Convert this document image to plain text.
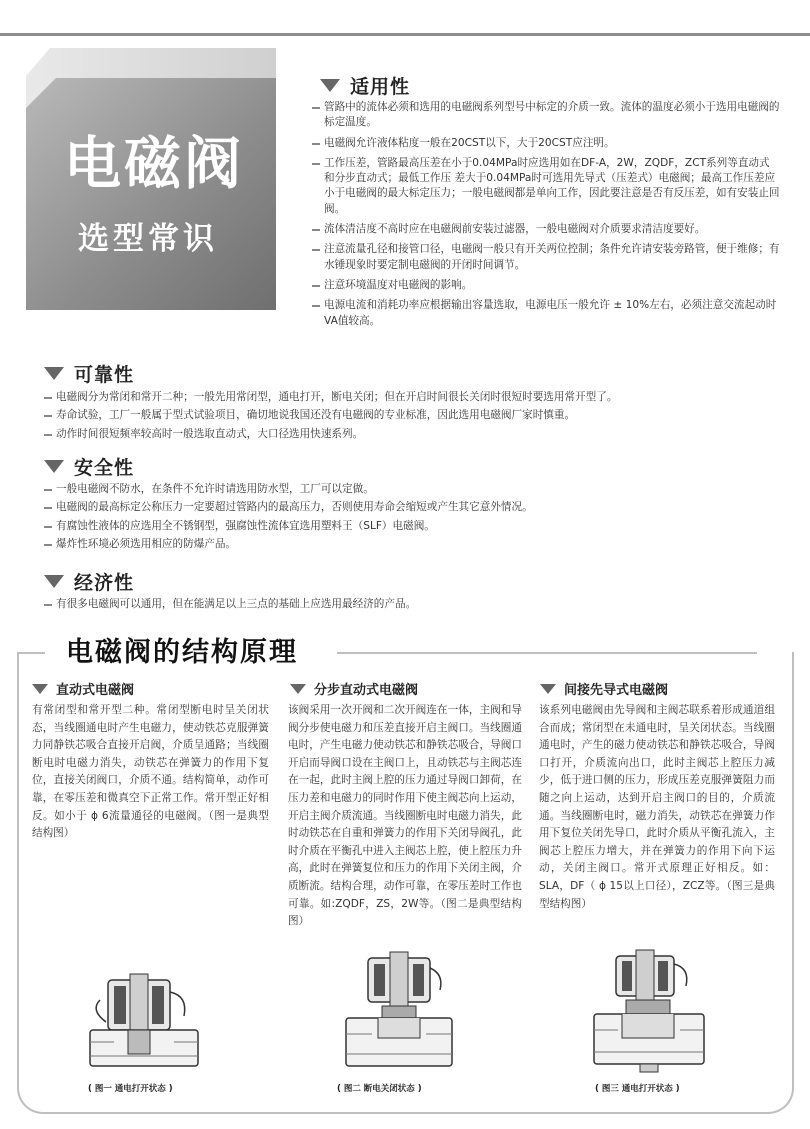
电磁阀
选型常识
适用性
管路中的流体必须和选用的电磁阀系列型号中标定的介质一致。流体的温度必须小于选用电磁阀的标定温度。
电磁阀允许液体粘度一般在20CST以下，大于20CST应注明。
工作压差，管路最高压差在小于0.04MPa时应选用如在DF-A，2W，ZQDF，ZCT系列等直动式和分步直动式；最低工作压 差大于0.04MPa时可选用先导式（压差式）电磁阀；最高工作压差应小于电磁阀的最大标定压力；一般电磁阀都是单向工作，因此要注意是否有反压差，如有安装止回阀。
流体清洁度不高时应在电磁阀前安装过滤器，一般电磁阀对介质要求清洁度要好。
注意流量孔径和接管口径，电磁阀一般只有开关两位控制；条件允许请安装旁路管，便于维修；有水锤现象时要定制电磁阀的开闭时间调节。
注意环境温度对电磁阀的影响。
电源电流和消耗功率应根据输出容量选取，电源电压一般允许 ± 10%左右，必须注意交流起动时VA值较高。
可靠性
电磁阀分为常闭和常开二种；一般先用常闭型，通电打开，断电关闭；但在开启时间很长关闭时很短时要选用常开型了。
寿命试验，工厂一般属于型式试验项目，确切地说我国还没有电磁阀的专业标准，因此选用电磁阀厂家时慎重。
动作时间很短频率较高时一般选取直动式，大口径选用快速系列。
安全性
一般电磁阀不防水，在条件不允许时请选用防水型，工厂可以定做。
电磁阀的最高标定公称压力一定要超过管路内的最高压力，否则使用寿命会缩短或产生其它意外情况。
有腐蚀性液体的应选用全不锈钢型，强腐蚀性流体宜选用塑料王（SLF）电磁阀。
爆炸性环境必须选用相应的防爆产品。
经济性
有很多电磁阀可以通用，但在能满足以上三点的基础上应选用最经济的产品。
电磁阀的结构原理
直动式电磁阀
有常闭型和常开型二种。常闭型断电时呈关闭状态，当线圈通电时产生电磁力，使动铁芯克服弹簧力同静铁芯吸合直接开启阀，介质呈通路；当线圈断电时电磁力消失，动铁芯在弹簧力的作用下复位，直接关闭阀口，介质不通。结构简单，动作可靠，在零压差和微真空下正常工作。常开型正好相反。如小于 ϕ 6流量通径的电磁阀。（图一是典型结构图）
分步直动式电磁阀
该阀采用一次开阀和二次开阀连在一体，主阀和导阀分步使电磁力和压差直接开启主阀口。当线圈通电时，产生电磁力使动铁芯和静铁芯吸合，导阀口开启而导阀口设在主阀口上，且动铁芯与主阀芯连在一起，此时主阀上腔的压力通过导阀口卸荷，在压力差和电磁力的同时作用下使主阀芯向上运动，开启主阀介质流通。当线圈断电时电磁力消失，此时动铁芯在自重和弹簧力的作用下关闭导阀孔，此时介质在平衡孔中进入主阀芯上腔，使上腔压力升高，此时在弹簧复位和压力的作用下关闭主阀，介质断流。结构合理，动作可靠，在零压差时工作也可靠。如:ZQDF，ZS，2W等。（图二是典型结构图）
间接先导式电磁阀
该系列电磁阀由先导阀和主阀芯联系着形成通道组合而成；常闭型在未通电时，呈关闭状态。当线圈通电时，产生的磁力使动铁芯和静铁芯吸合，导阀口打开，介质流向出口，此时主阀芯上腔压力减少，低于进口侧的压力，形成压差克服弹簧阻力而随之向上运动，达到开启主阀口的目的，介质流通。当线圈断电时，磁力消失，动铁芯在弹簧力作用下复位关闭先导口，此时介质从平衡孔流入，主阀芯上腔压力增大，并在弹簧力的作用下向下运动，关闭主阀口。常开式原理正好相反。如：SLA，DF（ ϕ 15以上口径），ZCZ等。（图三是典型结构图）
( 图一 通电打开状态 )	( 图二 断电关闭状态 )	( 图三 通电打开状态 )
